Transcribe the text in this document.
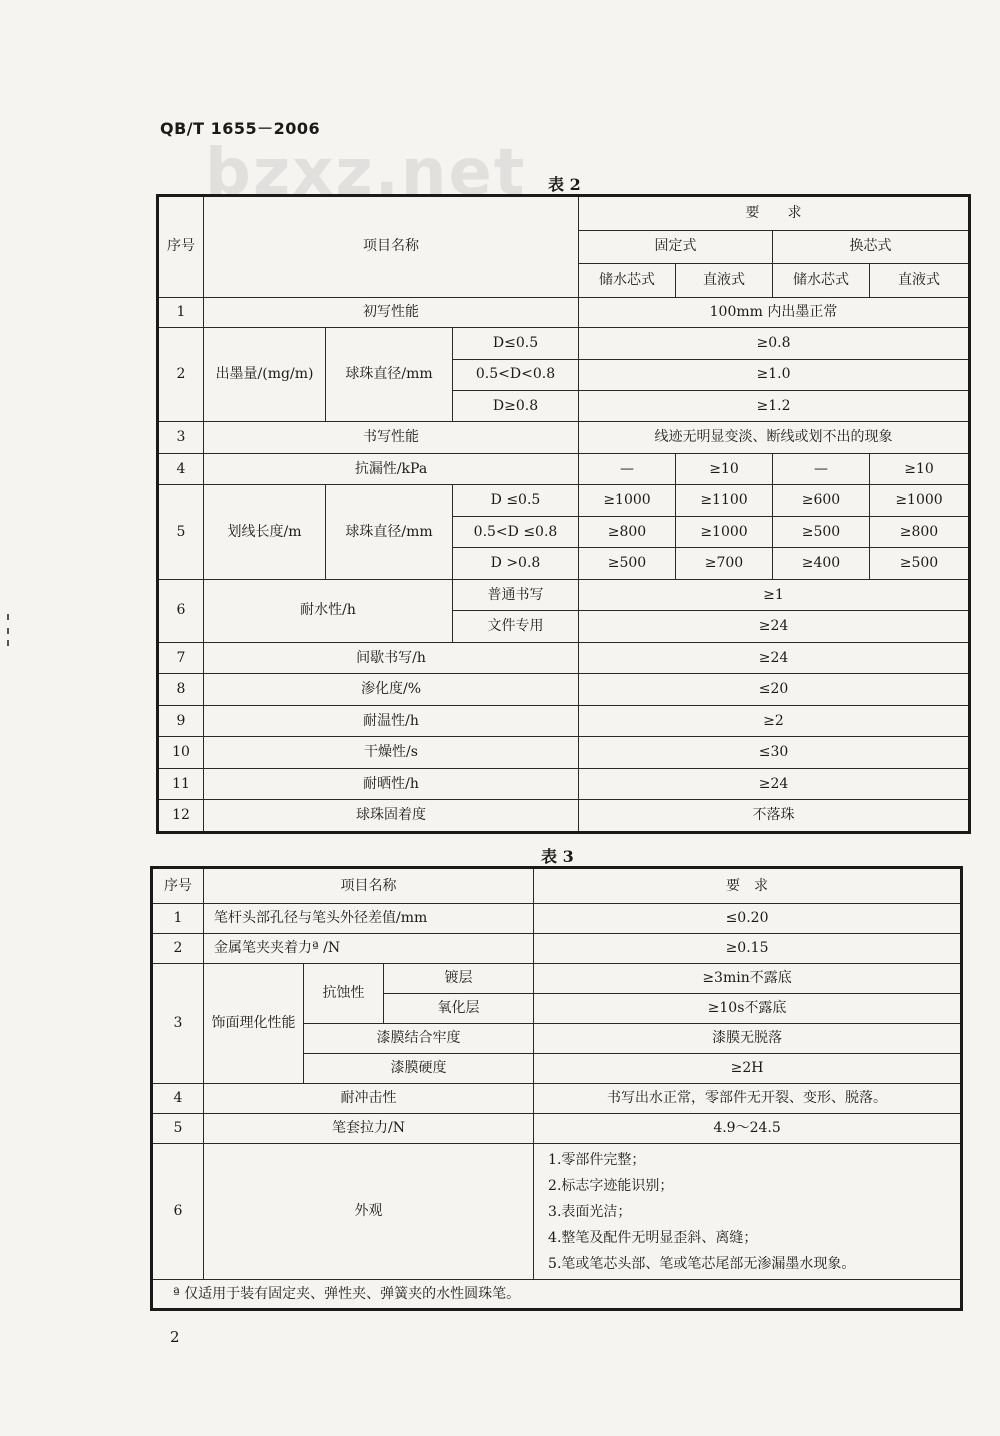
QB/T 1655－2006
bzxz.net 表 2
序号	项目名称			要　　求			
				固定式		换芯式	
				储水芯式	直液式	储水芯式	直液式
1	初写性能			100mm 内出墨正常			
2	出墨量/(mg/m)	球珠直径/mm	D≤0.5	≥0.8			
			0.5<D<0.8	≥1.0			
			D≥0.8	≥1.2			
3	书写性能			线迹无明显变淡、断线或划不出的现象			
4	抗漏性/kPa			—	≥10	—	≥10
5	划线长度/m	球珠直径/mm	D ≤0.5	≥1000	≥1100	≥600	≥1000
			0.5<D ≤0.8	≥800	≥1000	≥500	≥800
			D >0.8	≥500	≥700	≥400	≥500
6	耐水性/h		普通书写	≥1			
			文件专用	≥24			
7	间歇书写/h			≥24			
8	渗化度/%			≤20			
9	耐温性/h			≥2			
10	干燥性/s			≤30			
11	耐晒性/h			≥24			
12	球珠固着度			不落珠			
表 3
序号	项目名称			要　求
1	笔杆头部孔径与笔头外径差值/mm			≤0.20
2	金属笔夹夹着力ª /N			≥0.15
3	饰面理化性能	抗蚀性	镀层	≥3min不露底
			氧化层	≥10s不露底
		漆膜结合牢度		漆膜无脱落
		漆膜硬度		≥2H
4	耐冲击性			书写出水正常，零部件无开裂、变形、脱落。
5	笔套拉力/N			4.9～24.5
6	外观			1.零部件完整；
2.标志字迹能识别；
3.表面光洁；
4.整笔及配件无明显歪斜、离缝；
5.笔或笔芯头部、笔或笔芯尾部无渗漏墨水现象。

ª 仅适用于装有固定夹、弹性夹、弹簧夹的水性圆珠笔。				
2
